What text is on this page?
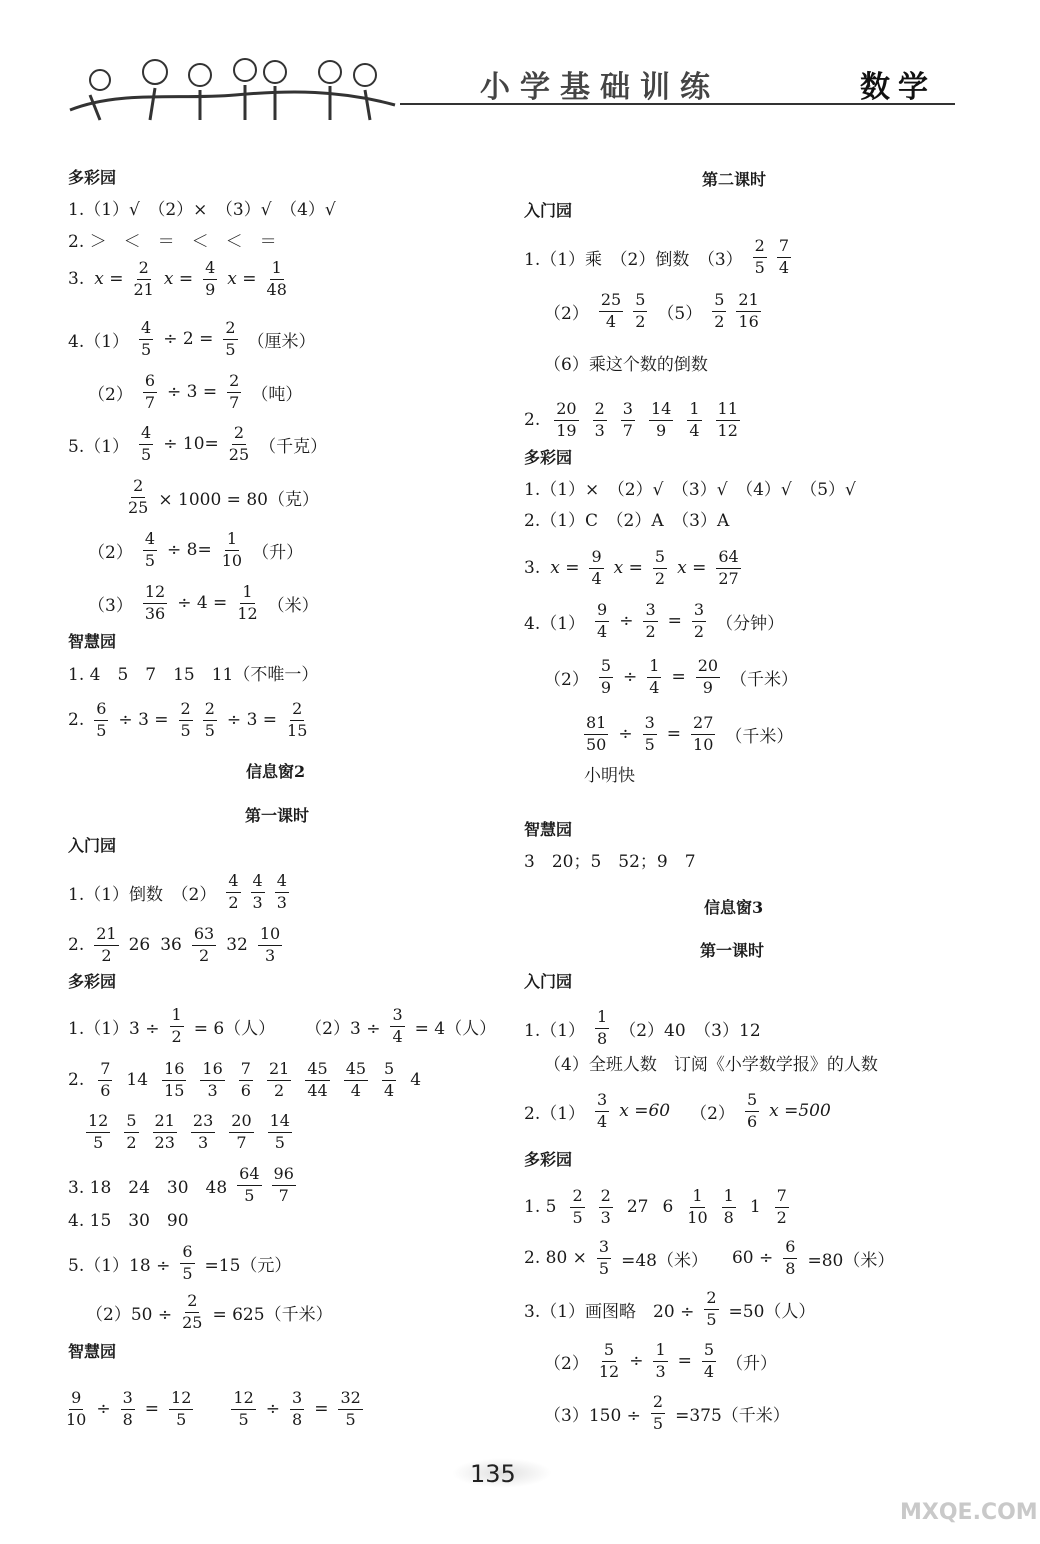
小学基础训练	数学
多彩园
1.（1）√　（2）×　（3）√　（4）√
2. ＞　＜　＝　＜　＜　＝
3. $x = \frac{2}{21}$ $x = \frac{4}{9}$ $x = \frac{1}{48}$
$4.(1) \frac{4}{5} \div 2 = \frac{2}{5}$ （厘米）
$(2) \frac{6}{7} \div 3 = \frac{2}{7}$ （吨）
$5.(1) \frac{4}{5} \div 10= \frac{2}{25}$ （千克）
$\frac{2}{25} \times 1000 = 80$（克）
$(2) \frac{4}{5} \div 8= \frac{1}{10}$ （升）
$(3) \frac{12}{36} \div 4 = \frac{1}{12}$ （米）
智慧园
1. 4　5　7　15　11（不唯一）
2. $\frac{6}{5} \div 3 = \frac{2}{5} \frac{2}{5} \div 3 = \frac{2}{15}$
信息窗2
第一课时
入门园
1.（1）倒数　$(2) \frac{4}{2} \frac{4}{3} \frac{4}{3}$
2. $\frac{21}{2} 26$ $36 \frac{63}{2} 32 \frac{10}{3}$
多彩园
$1.(1)3 \div \frac{1}{2} = 6$（人） $(2)3 \div \frac{3}{4} = 4$（人）
2. $\frac{7}{6} 14 \frac{16}{15} \frac{16}{3} \frac{7}{6} \frac{21}{2} \frac{45}{44} \frac{45}{4} \frac{5}{4} 4$
$\frac{12}{5} \frac{5}{2} \frac{21}{23} \frac{23}{3} \frac{20}{7} \frac{14}{5}$
3. 18　24　30　$48 \frac{64}{5} \frac{96}{7}$
4. 15　30　90
$5.(1)18 \div \frac{6}{5} =15$（元）
$(2)50 \div \frac{2}{25} = 625$（千米）
智慧园
$\frac{9}{10} \div \frac{3}{8} = \frac{12}{5} \frac{12}{5} \div \frac{3}{8} = \frac{32}{5}$
第二课时
入门园
1.（1）乘　（2）倒数　$(3) \frac{2}{5} \frac{7}{4}$
$(2) \frac{25}{4} \frac{5}{2} (5) \frac{5}{2} \frac{21}{16}$
（6）乘这个数的倒数
2. $\frac{20}{19} \frac{2}{3} \frac{3}{7} \frac{14}{9} \frac{1}{4} \frac{11}{12}$
多彩园
1.（1）×　（2）√　（3）√　（4）√　（5）√
2.（1）C　（2）A　（3）A
3. $x = \frac{9}{4}$ $x = \frac{5}{2}$ $x = \frac{64}{27}$
$4.(1) \frac{9}{4} \div \frac{3}{2} = \frac{3}{2}$ （分钟）
$(2) \frac{5}{9} \div \frac{1}{4} = \frac{20}{9}$ （千米）
$\frac{81}{50} \div \frac{3}{5} = \frac{27}{10}$ （千米）
小明快
智慧园
3　20；5　52；9　7
信息窗3
第一课时
入门园
$1.(1) \frac{1}{8} (2)40$　（3）12
（4）全班人数　订阅《小学数学报》的人数
$2.(1) \frac{3}{4}$ x =60 $(2) \frac{5}{6}$ x =500
多彩园
1. $5 \frac{2}{5} \frac{2}{3} 27$ $6 \frac{1}{10} \frac{1}{8} 1 \frac{7}{2}$
2. $80 \times \frac{3}{5} =48$（米） $60 \div \frac{6}{8} =80$（米）
3.（1）画图略　$20 \div \frac{2}{5} =50$（人）
$(2) \frac{5}{12} \div \frac{1}{3} = \frac{5}{4}$ （升）
$(3)150 \div \frac{2}{5} =375$（千米）
135
MXQE.COM
